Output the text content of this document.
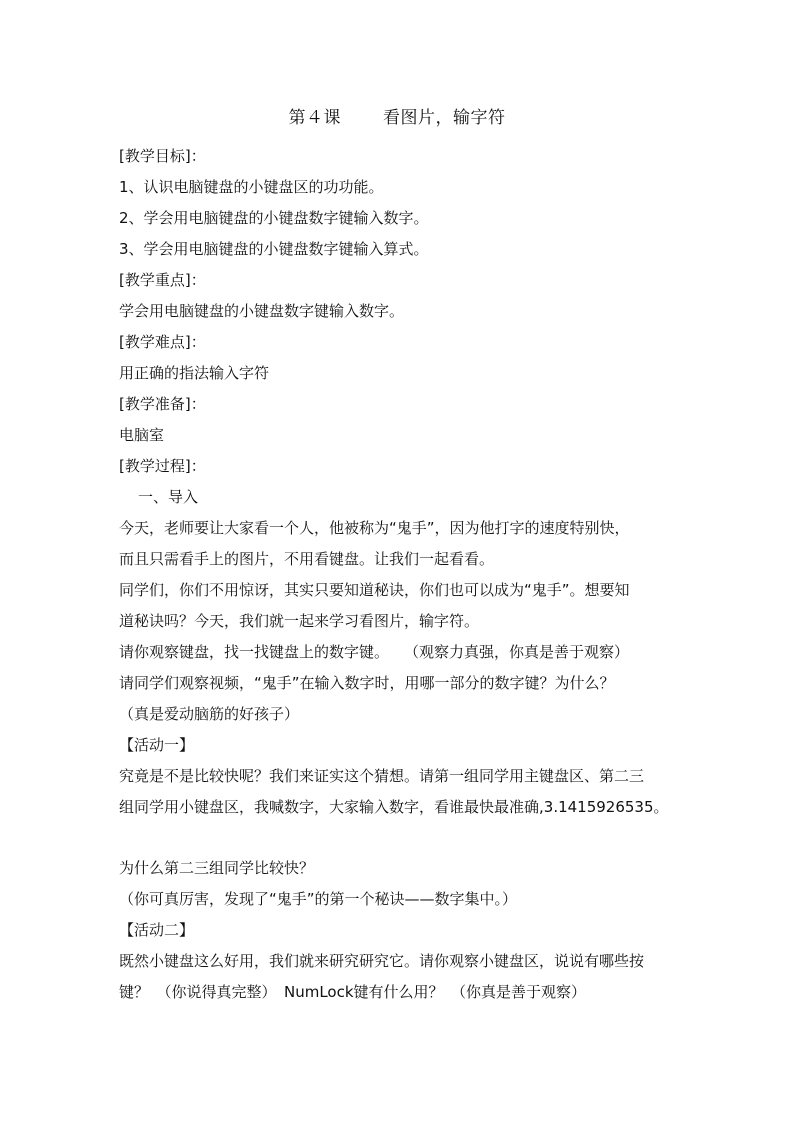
第４课 看图片，输字符

[教学目标]：

1、认识电脑键盘的小键盘区的功功能。

2、学会用电脑键盘的小键盘数字键输入数字。

3、学会用电脑键盘的小键盘数字键输入算式。

[教学重点]：

学会用电脑键盘的小键盘数字键输入数字。

[教学难点]：

用正确的指法输入字符

[教学准备]：

电脑室

[教学过程]：

　一、导入

今天，老师要让大家看一个人，他被称为“鬼手”，因为他打字的速度特别快，

而且只需看手上的图片，不用看键盘。让我们一起看看。

同学们，你们不用惊讶，其实只要知道秘诀，你们也可以成为“鬼手”。想要知

道秘诀吗？今天，我们就一起来学习看图片，输字符。

请你观察键盘，找一找键盘上的数字键。　　（观察力真强，你真是善于观察）

请同学们观察视频，“鬼手”在输入数字时，用哪一部分的数字键？为什么？

（真是爱动脑筋的好孩子）

【活动一】

究竟是不是比较快呢？我们来证实这个猜想。请第一组同学用主键盘区、第二三

组同学用小键盘区，我喊数字，大家输入数字，看谁最快最准确,3.1415926535。

为什么第二三组同学比较快？

（你可真厉害，发现了“鬼手”的第一个秘诀——数字集中。）

【活动二】

既然小键盘这么好用，我们就来研究研究它。请你观察小键盘区，说说有哪些按

键？　（你说得真完整）　NumLock键有什么用？　（你真是善于观察）
